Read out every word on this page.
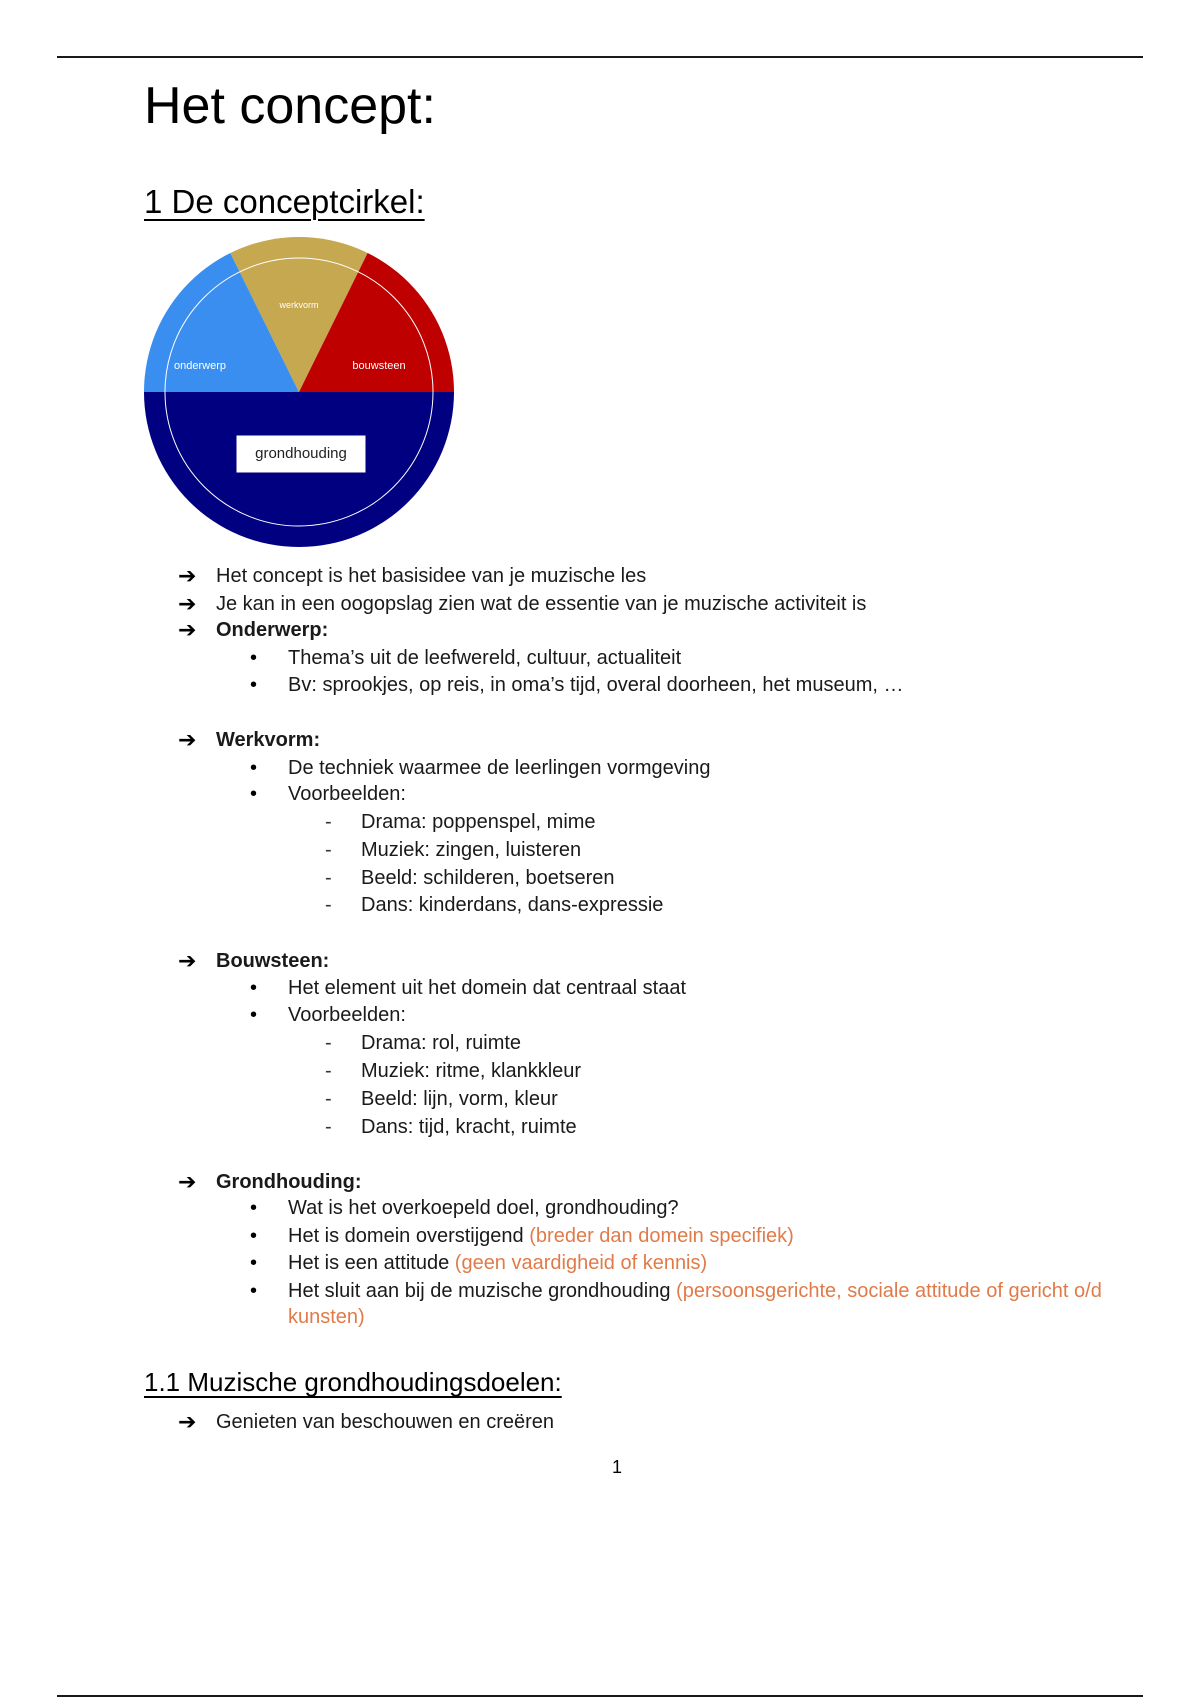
Het concept:
1 De conceptcirkel:
werkvorm
onderwerp	bouwsteen
grondhouding
➔ Het concept is het basisidee van je muzische les
➔ Je kan in een oogopslag zien wat de essentie van je muzische activiteit is
➔ Onderwerp:
• Thema’s uit de leefwereld, cultuur, actualiteit
• Bv: sprookjes, op reis, in oma’s tijd, overal doorheen, het museum, …
➔ Werkvorm:
• De techniek waarmee de leerlingen vormgeving
• Voorbeelden:
- Drama: poppenspel, mime
- Muziek: zingen, luisteren
- Beeld: schilderen, boetseren
- Dans: kinderdans, dans-expressie
➔ Bouwsteen:
• Het element uit het domein dat centraal staat
• Voorbeelden:
- Drama: rol, ruimte
- Muziek: ritme, klankkleur
- Beeld: lijn, vorm, kleur
- Dans: tijd, kracht, ruimte
➔ Grondhouding:
• Wat is het overkoepeld doel, grondhouding?
• Het is domein overstijgend (breder dan domein specifiek)
• Het is een attitude (geen vaardigheid of kennis)
• Het sluit aan bij de muzische grondhouding (persoonsgerichte, sociale attitude of gericht o/d kunsten)
1.1 Muzische grondhoudingsdoelen:
➔ Genieten van beschouwen en creëren
1
